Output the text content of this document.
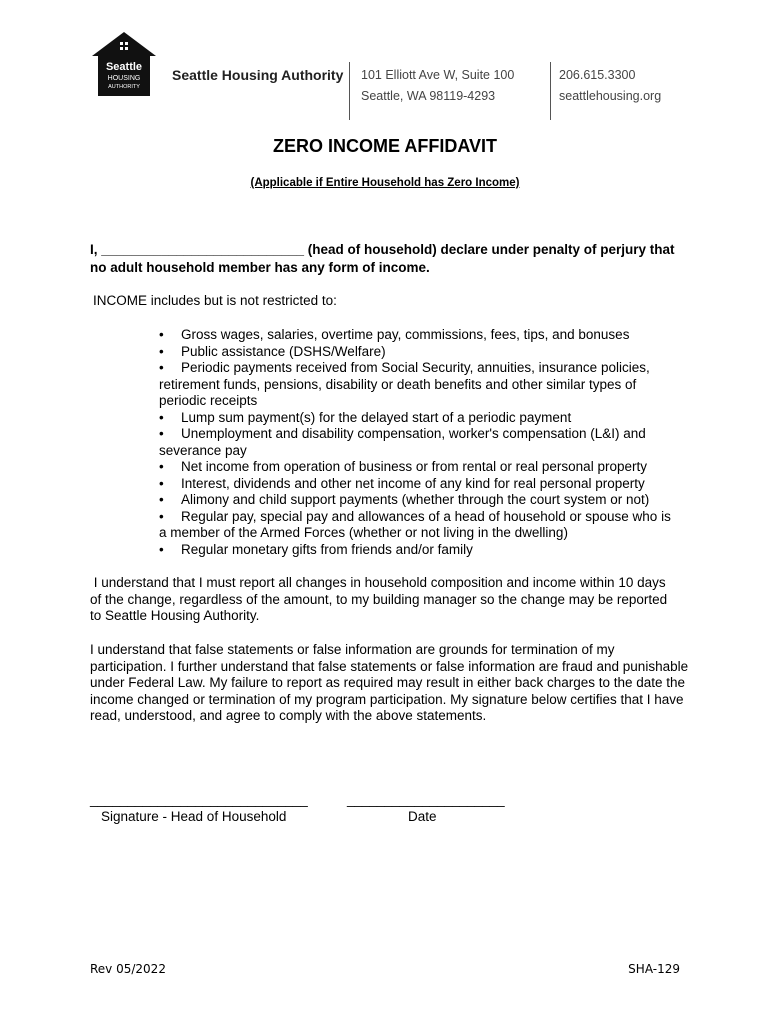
Seattle
HOUSING
AUTHORITY
Seattle Housing Authority 101 Elliott Ave W, Suite 100
Seattle, WA 98119-4293
206.615.3300
seattlehousing.org
ZERO INCOME AFFIDAVIT
(Applicable if Entire Household has Zero Income)
I, ___________________________ (head of household) declare under penalty of perjury that no adult household member has any form of income.
INCOME includes but is not restricted to:
• Gross wages, salaries, overtime pay, commissions, fees, tips, and bonuses
• Public assistance (DSHS/Welfare)
• Periodic payments received from Social Security, annuities, insurance policies, retirement funds, pensions, disability or death benefits and other similar types of periodic receipts
• Lump sum payment(s) for the delayed start of a periodic payment
• Unemployment and disability compensation, worker's compensation (L&I) and severance pay
• Net income from operation of business or from rental or real personal property
• Interest, dividends and other net income of any kind for real personal property
• Alimony and child support payments (whether through the court system or not)
• Regular pay, special pay and allowances of a head of household or spouse who is a member of the Armed Forces (whether or not living in the dwelling)
• Regular monetary gifts from friends and/or family
I understand that I must report all changes in household composition and income within 10 days of the change, regardless of the amount, to my building manager so the change may be reported to Seattle Housing Authority.
I understand that false statements or false information are grounds for termination of my participation. I further understand that false statements or false information are fraud and punishable under Federal Law. My failure to report as required may result in either back charges to the date the income changed or termination of my program participation. My signature below certifies that I have read, understood, and agree to comply with the above statements.
_____________________________	_____________________
Signature - Head of Household	Date
Rev 05/2022	SHA-129
